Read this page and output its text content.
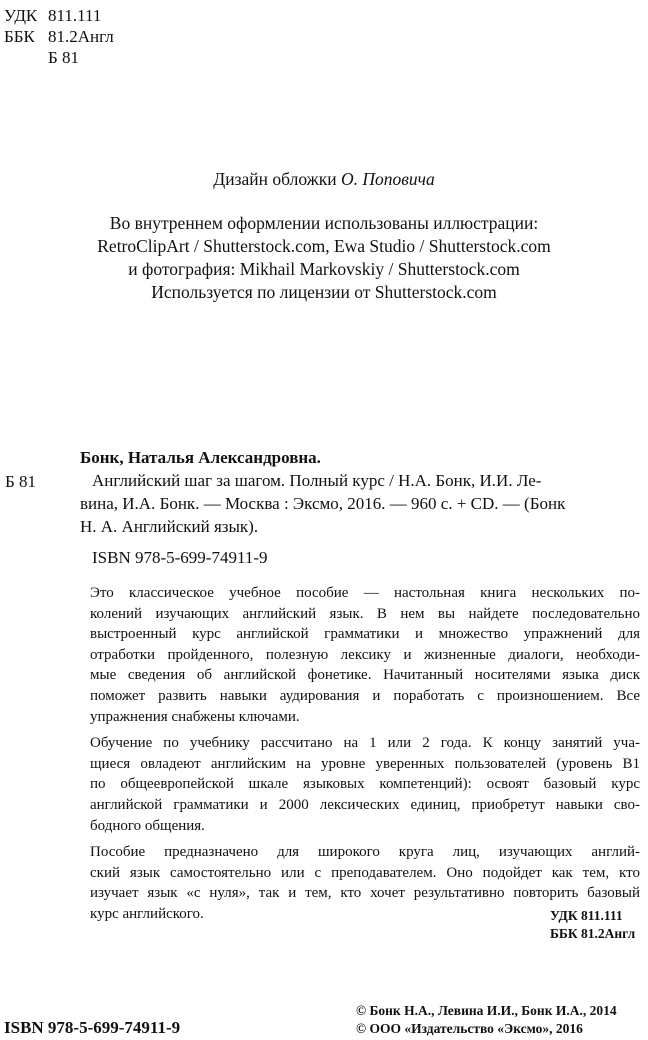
УДК 811.111
ББК 81.2Англ
Б 81
Дизайн обложки О. Поповича
Во внутреннем оформлении использованы иллюстрации:
RetroClipArt / Shutterstock.com, Ewa Studio / Shutterstock.com
и фотография: Mikhail Markovskiy / Shutterstock.com
Используется по лицензии от Shutterstock.com
Бонк, Наталья Александровна.
Б 81	Английский шаг за шагом. Полный курс / Н.А. Бонк, И.И. Ле-
вина, И.А. Бонк. — Москва : Эксмо, 2016. — 960 с. + CD. — (Бонк
Н. А. Английский язык).
ISBN 978-5-699-74911-9

Это классическое учебное пособие — настольная книга нескольких по-
колений изучающих английский язык. В нем вы найдете последовательно
выстроенный курс английской грамматики и множество упражнений для
отработки пройденного, полезную лексику и жизненные диалоги, необходи-
мые сведения об английской фонетике. Начитанный носителями языка диск
поможет развить навыки аудирования и поработать с произношением. Все
упражнения снабжены ключами.

Обучение по учебнику рассчитано на 1 или 2 года. К концу занятий уча-
щиеся овладеют английским на уровне уверенных пользователей (уровень B1
по общеевропейской шкале языковых компетенций): освоят базовый курс
английской грамматики и 2000 лексических единиц, приобретут навыки сво-
бодного общения.

Пособие предназначено для широкого круга лиц, изучающих англий-
ский язык самостоятельно или с преподавателем. Оно подойдет как тем, кто
изучает язык «с нуля», так и тем, кто хочет результативно повторить базовый
курс английского.	УДК 811.111
ББК 81.2Англ
ISBN 978-5-699-74911-9
© Бонк Н.А., Левина И.И., Бонк И.А., 2014
© ООО «Издательство «Эксмо», 2016
